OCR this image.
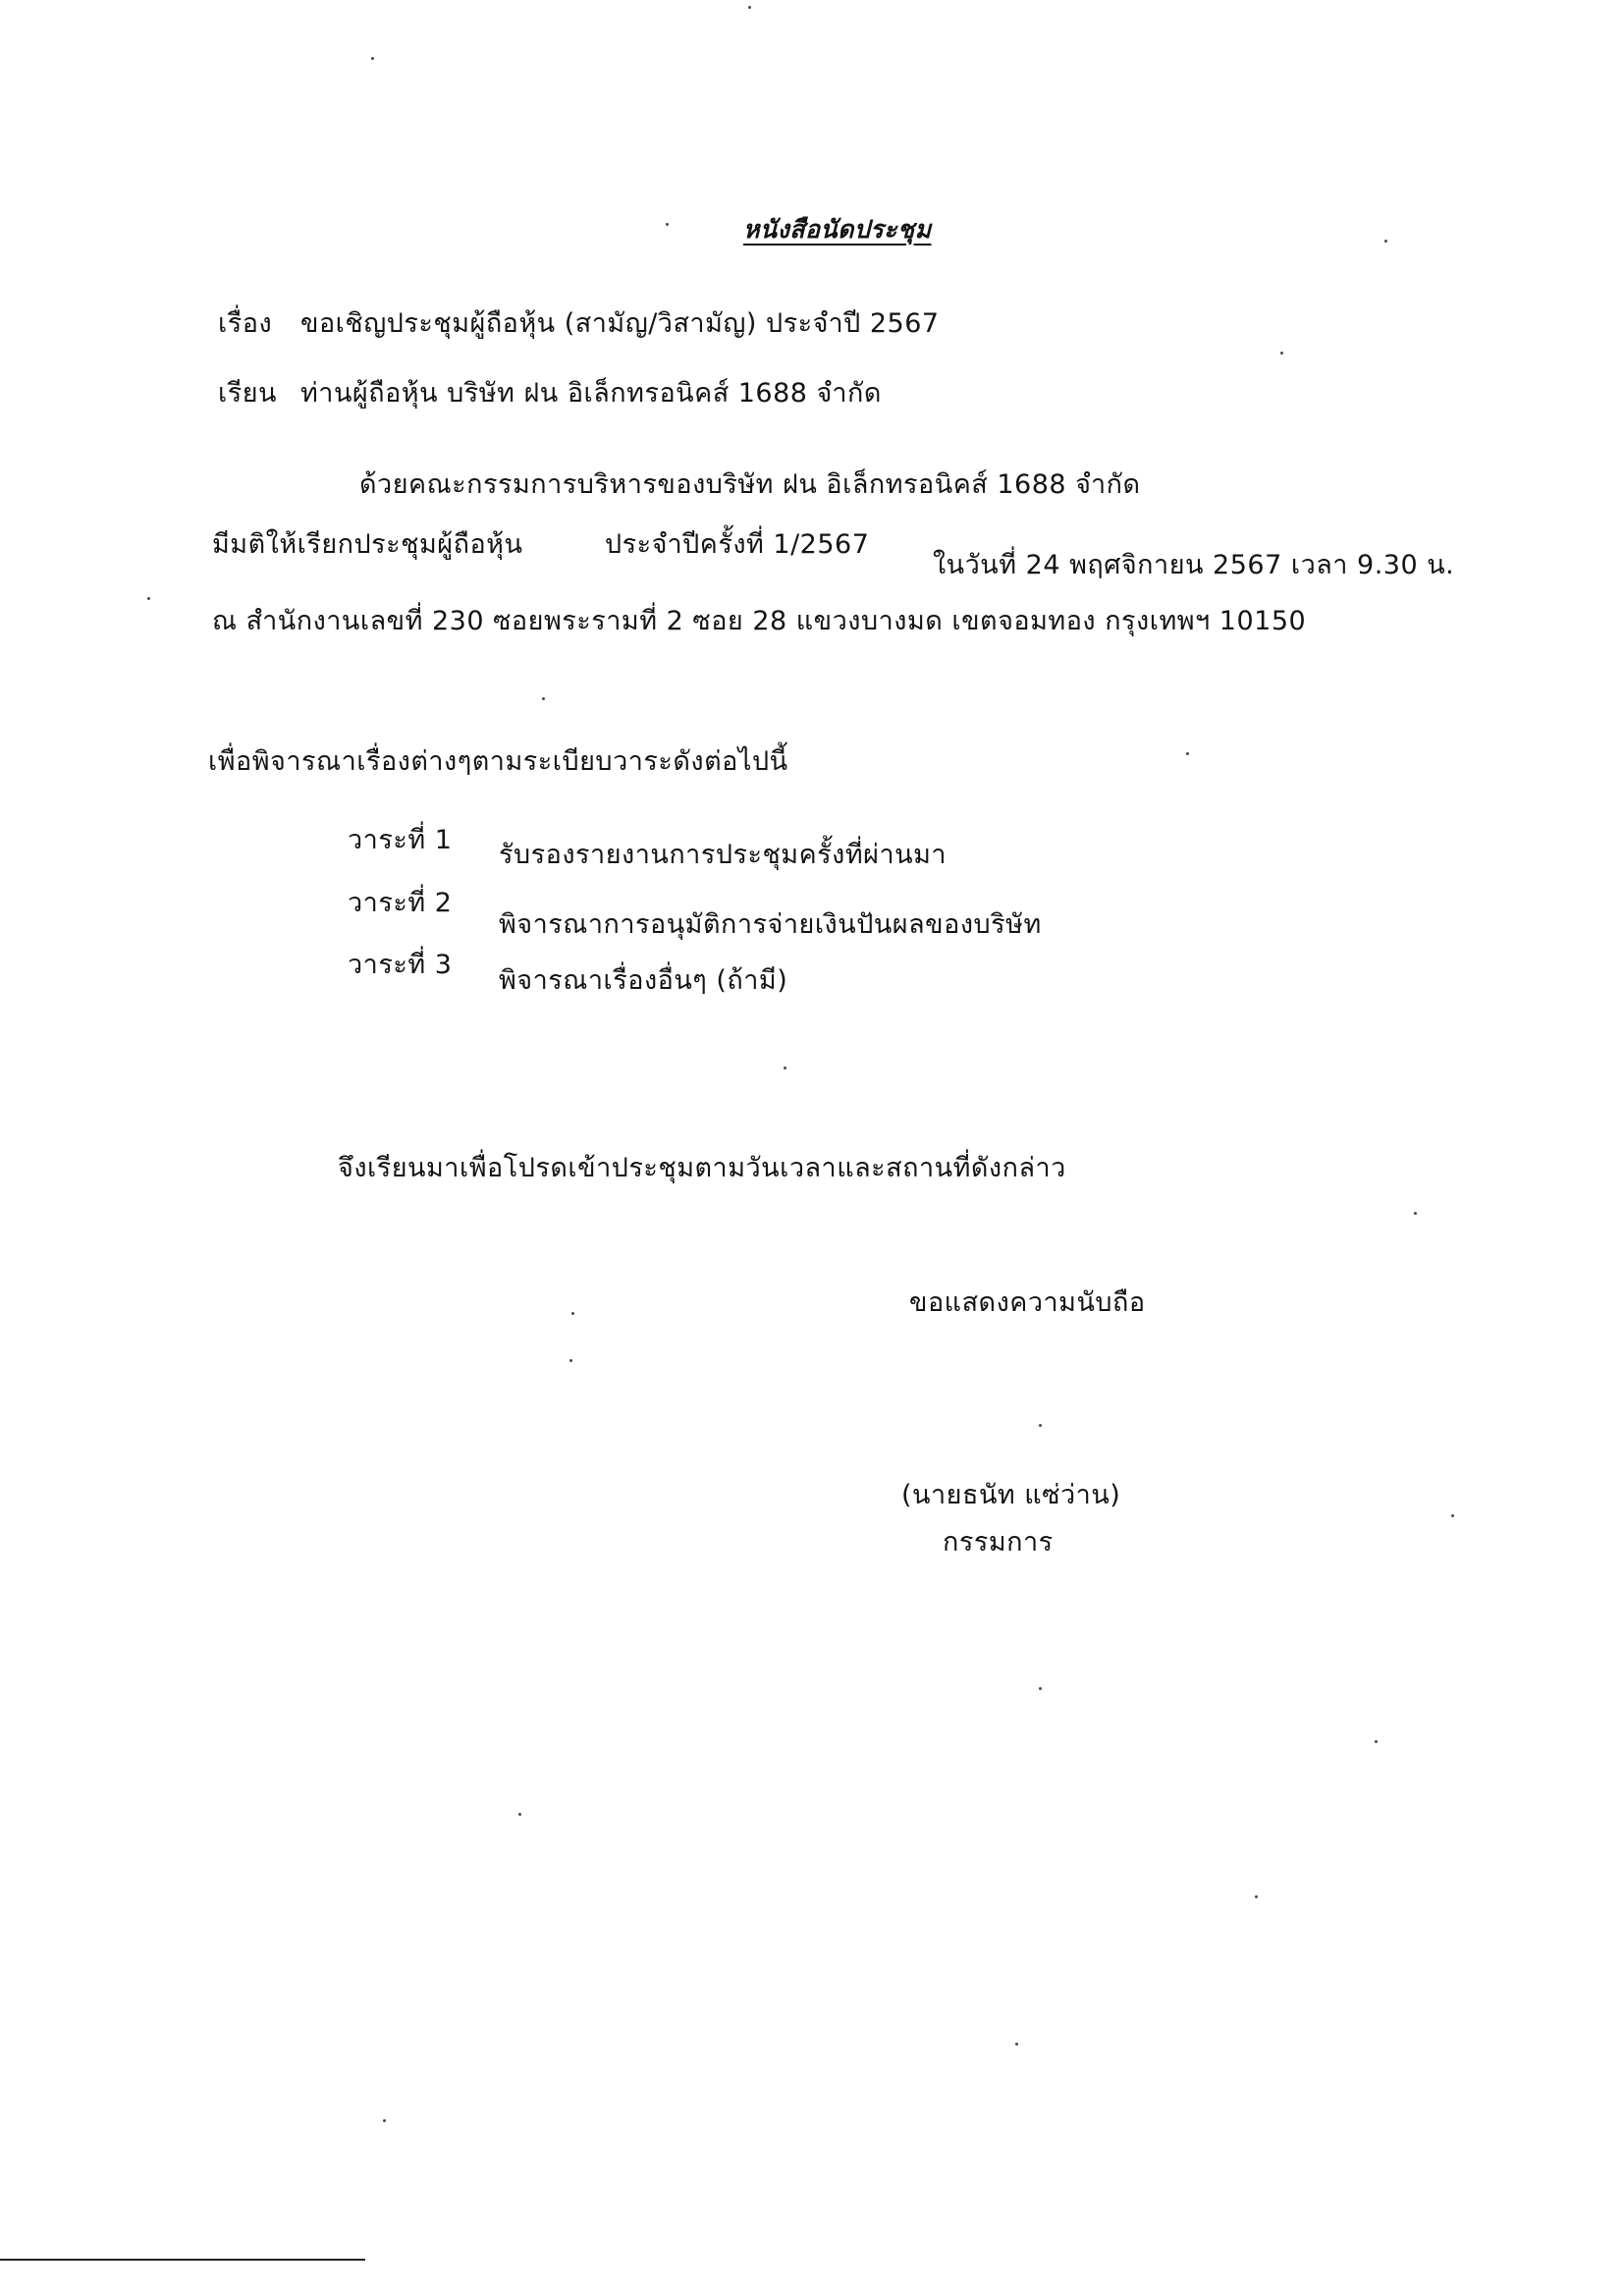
หนังสือนัดประชุม
เรื่อง ขอเชิญประชุมผู้ถือหุ้น (สามัญ/วิสามัญ) ประจำปี 2567
เรียน ท่านผู้ถือหุ้น บริษัท ฝน อิเล็กทรอนิคส์ 1688 จำกัด
ด้วยคณะกรรมการบริหารของบริษัท ฝน อิเล็กทรอนิคส์ 1688 จำกัด
มีมติให้เรียกประชุมผู้ถือหุ้น	ประจำปีครั้งที่ 1/2567
ในวันที่ 24 พฤศจิกายน 2567 เวลา 9.30 น.
ณ สำนักงานเลขที่ 230 ซอยพระรามที่ 2 ซอย 28 แขวงบางมด เขตจอมทอง กรุงเทพฯ 10150
เพื่อพิจารณาเรื่องต่างๆตามระเบียบวาระดังต่อไปนี้
วาระที่ 1 รับรองรายงานการประชุมครั้งที่ผ่านมา
วาระที่ 2
พิจารณาการอนุมัติการจ่ายเงินปันผลของบริษัท
วาระที่ 3
พิจารณาเรื่องอื่นๆ (ถ้ามี)
จึงเรียนมาเพื่อโปรดเข้าประชุมตามวันเวลาและสถานที่ดังกล่าว
ขอแสดงความนับถือ
(นายธนัท แซ่ว่าน)
กรรมการ
